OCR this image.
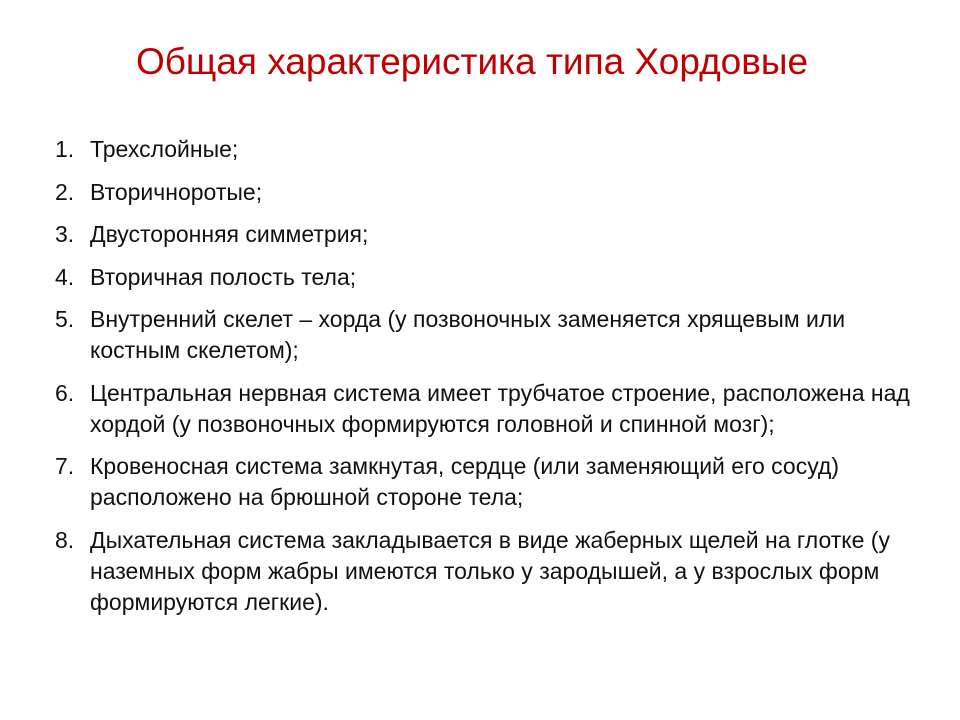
Общая характеристика типа Хордовые
1. Трехслойные;
2. Вторичноротые;
3. Двусторонняя симметрия;
4. Вторичная полость тела;
5. Внутренний скелет – хорда (у позвоночных заменяется хрящевым или костным скелетом);
6. Центральная нервная система имеет трубчатое строение, расположена над хордой (у позвоночных формируются головной и спинной мозг);
7. Кровеносная система замкнутая, сердце (или заменяющий его сосуд) расположено на брюшной стороне тела;
8. Дыхательная система закладывается в виде жаберных щелей на глотке (у наземных форм жабры имеются только у зародышей, а у взрослых форм формируются легкие).
